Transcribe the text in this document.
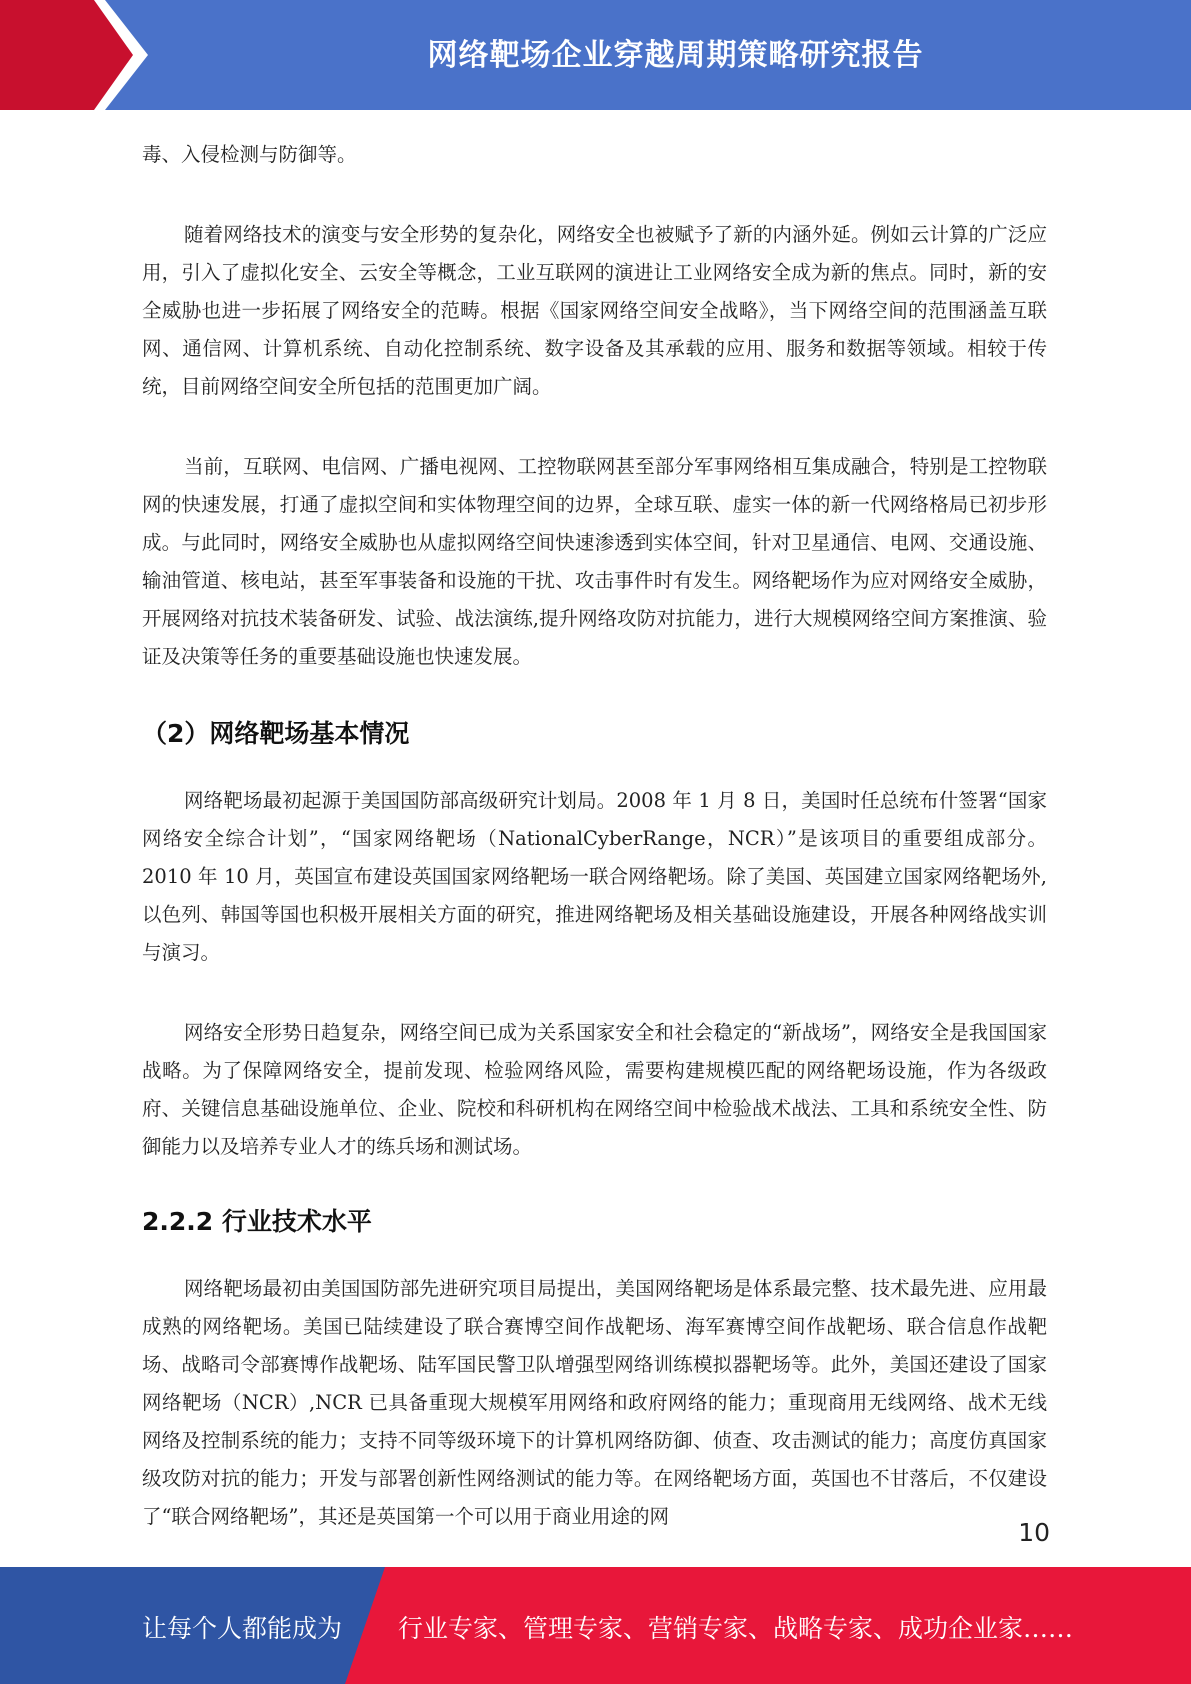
网络靶场企业穿越周期策略研究报告

毒、入侵检测与防御等。

随着网络技术的演变与安全形势的复杂化，网络安全也被赋予了新的内涵外延。例如云计算的广泛应用，引入了虚拟化安全、云安全等概念，工业互联网的演进让工业网络安全成为新的焦点。同时，新的安全威胁也进一步拓展了网络安全的范畴。根据《国家网络空间安全战略》，当下网络空间的范围涵盖互联网、通信网、计算机系统、自动化控制系统、数字设备及其承载的应用、服务和数据等领域。相较于传统，目前网络空间安全所包括的范围更加广阔。

当前，互联网、电信网、广播电视网、工控物联网甚至部分军事网络相互集成融合，特别是工控物联网的快速发展，打通了虚拟空间和实体物理空间的边界，全球互联、虚实一体的新一代网络格局已初步形成。与此同时，网络安全威胁也从虚拟网络空间快速渗透到实体空间，针对卫星通信、电网、交通设施、输油管道、核电站，甚至军事装备和设施的干扰、攻击事件时有发生。网络靶场作为应对网络安全威胁，开展网络对抗技术装备研发、试验、战法演练,提升网络攻防对抗能力，进行大规模网络空间方案推演、验证及决策等任务的重要基础设施也快速发展。

（2）网络靶场基本情况

网络靶场最初起源于美国国防部高级研究计划局。2008 年 1 月 8 日，美国时任总统布什签署“国家网络安全综合计划”，“国家网络靶场（NationalCyberRange，NCR）”是该项目的重要组成部分。2010 年 10 月，英国宣布建设英国国家网络靶场一联合网络靶场。除了美国、英国建立国家网络靶场外,以色列、韩国等国也积极开展相关方面的研究，推进网络靶场及相关基础设施建设，开展各种网络战实训与演习。

网络安全形势日趋复杂，网络空间已成为关系国家安全和社会稳定的“新战场”，网络安全是我国国家战略。为了保障网络安全，提前发现、检验网络风险，需要构建规模匹配的网络靶场设施，作为各级政府、关键信息基础设施单位、企业、院校和科研机构在网络空间中检验战术战法、工具和系统安全性、防御能力以及培养专业人才的练兵场和测试场。

2.2.2 行业技术水平

网络靶场最初由美国国防部先进研究项目局提出，美国网络靶场是体系最完整、技术最先进、应用最成熟的网络靶场。美国已陆续建设了联合赛博空间作战靶场、海军赛博空间作战靶场、联合信息作战靶场、战略司令部赛博作战靶场、陆军国民警卫队增强型网络训练模拟器靶场等。此外，美国还建设了国家网络靶场（NCR）,NCR 已具备重现大规模军用网络和政府网络的能力；重现商用无线网络、战术无线网络及控制系统的能力；支持不同等级环境下的计算机网络防御、侦查、攻击测试的能力；高度仿真国家级攻防对抗的能力；开发与部署创新性网络测试的能力等。在网络靶场方面，英国也不甘落后，不仅建设了“联合网络靶场”，其还是英国第一个可以用于商业用途的网

10
让每个人都能成为 行业专家、管理专家、营销专家、战略专家、成功企业家……
